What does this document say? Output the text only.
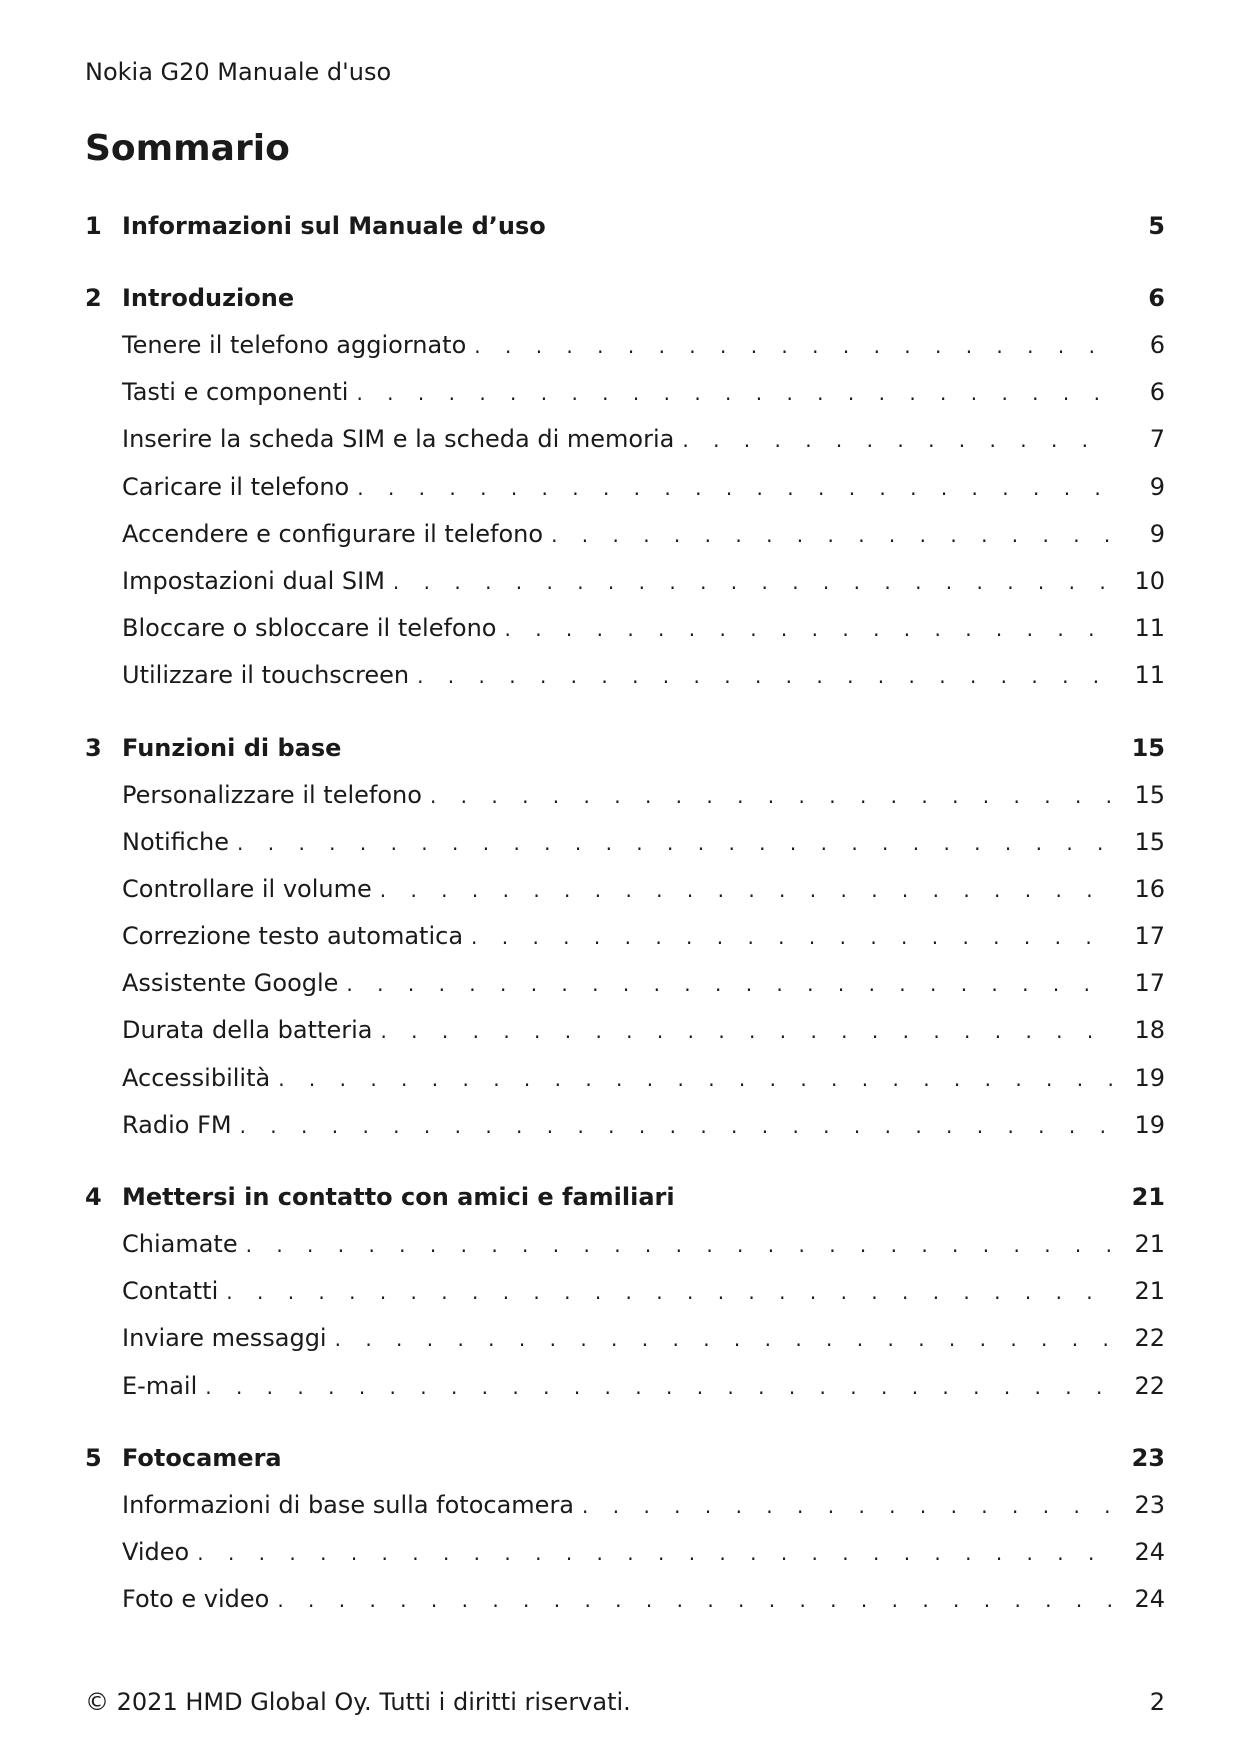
Nokia G20 Manuale d'uso
Sommario
1 Informazioni sul Manuale d’uso	5
2 Introduzione	6
Tenere il telefono aggiornato . . .	6
Tasti e componenti . . .	6
Inserire la scheda SIM e la scheda di memoria . . .	7
Caricare il telefono . . .	9
Accendere e configurare il telefono . . .	9
Impostazioni dual SIM . . .	10
Bloccare o sbloccare il telefono . . .	11
Utilizzare il touchscreen . . .	11
3 Funzioni di base	15
Personalizzare il telefono . . .	15
Notifiche . . .	15
Controllare il volume . . .	16
Correzione testo automatica . . .	17
Assistente Google . . .	17
Durata della batteria . . .	18
Accessibilità . . .	19
Radio FM . . .	19
4 Mettersi in contatto con amici e familiari	21
Chiamate . . .	21
Contatti . . .	21
Inviare messaggi . . .	22
E-mail . . .	22
5 Fotocamera	23
Informazioni di base sulla fotocamera . . .	23
Video . . .	24
Foto e video . . .	24
© 2021 HMD Global Oy. Tutti i diritti riservati.	2
